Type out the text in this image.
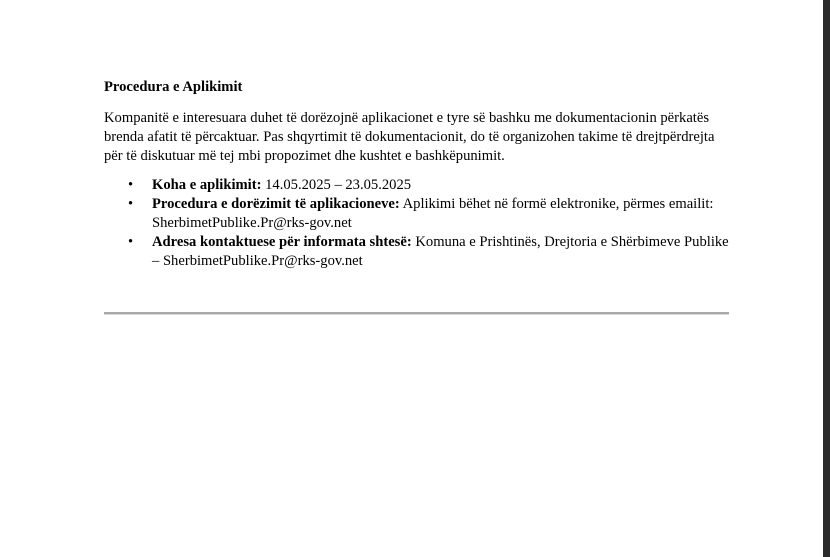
Procedura e Aplikimit

Kompanitë e interesuara duhet të dorëzojnë aplikacionet e tyre së bashku me dokumentacionin përkatës brenda afatit të përcaktuar. Pas shqyrtimit të dokumentacionit, do të organizohen takime të drejtpërdrejta për të diskutuar më tej mbi propozimet dhe kushtet e bashkëpunimit.

• Koha e aplikimit: 14.05.2025 – 23.05.2025
• Procedura e dorëzimit të aplikacioneve: Aplikimi bëhet në formë elektronike, përmes emailit: SherbimetPublike.Pr@rks-gov.net
• Adresa kontaktuese për informata shtesë: Komuna e Prishtinës, Drejtoria e Shërbimeve Publike – SherbimetPublike.Pr@rks-gov.net
